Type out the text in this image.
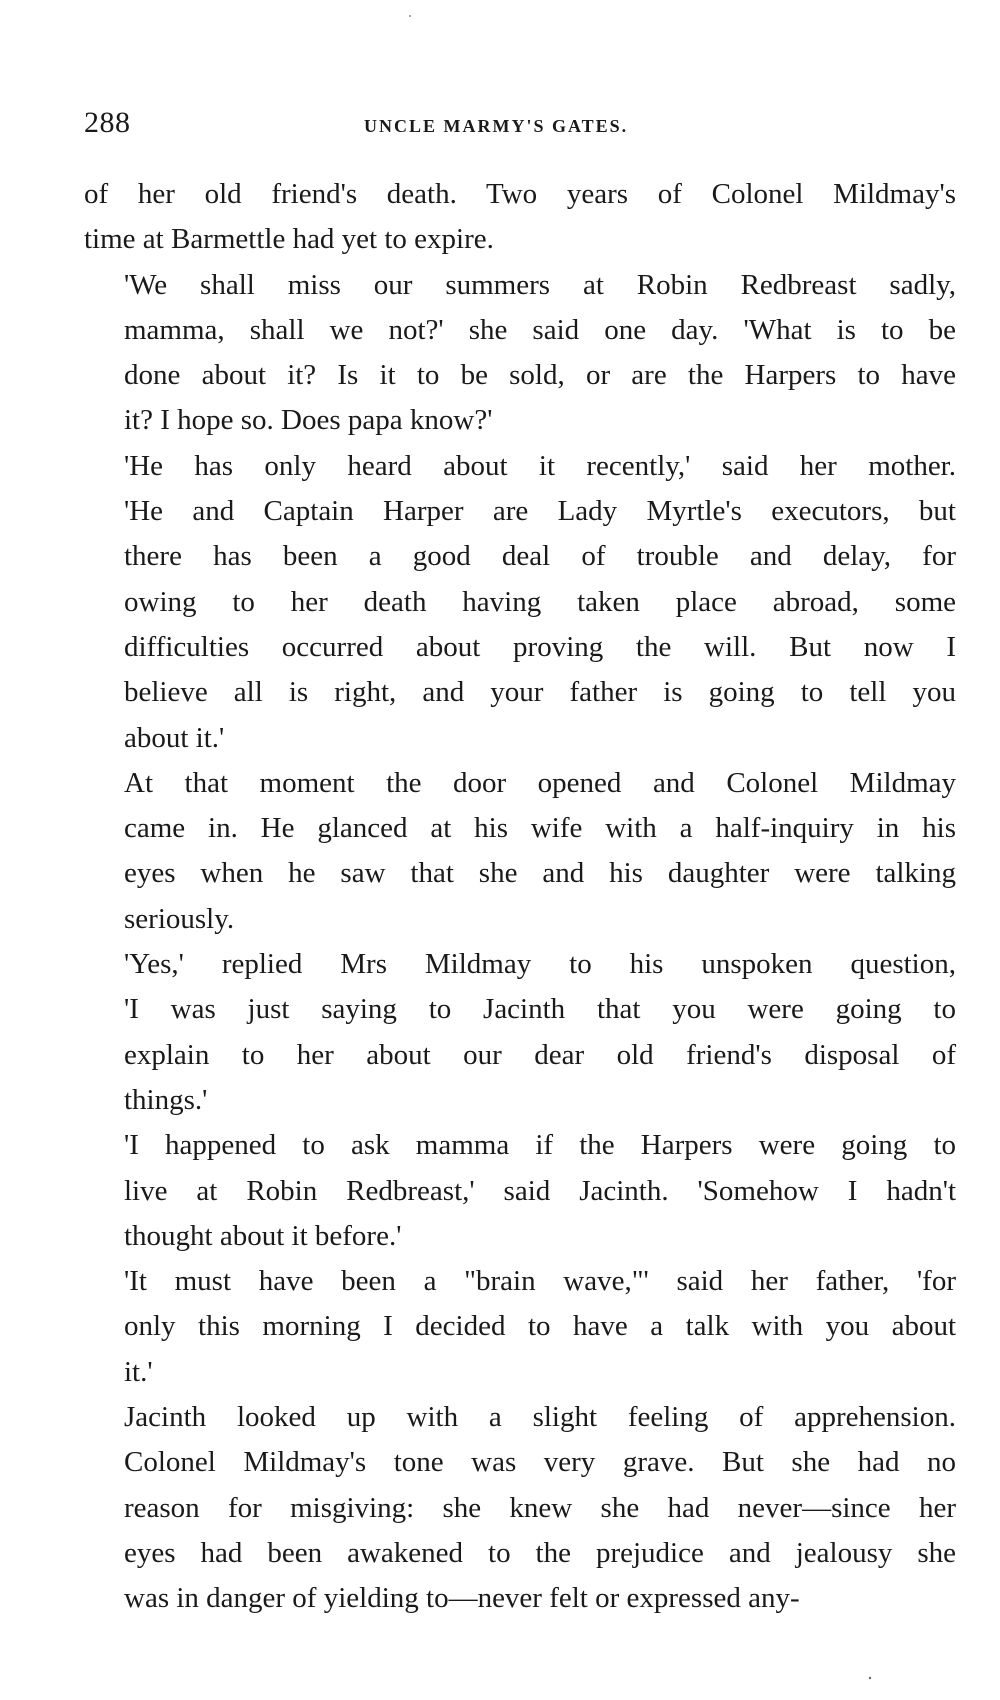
288	UNCLE MARMY'S GATES.

of her old friend's death. Two years of Colonel Mildmay's
time at Barmettle had yet to expire.

'We shall miss our summers at Robin Redbreast sadly,
mamma, shall we not?' she said one day. 'What is to be
done about it? Is it to be sold, or are the Harpers to have
it? I hope so. Does papa know?'

'He has only heard about it recently,' said her mother.
'He and Captain Harper are Lady Myrtle's executors, but
there has been a good deal of trouble and delay, for
owing to her death having taken place abroad, some
difficulties occurred about proving the will. But now I
believe all is right, and your father is going to tell you
about it.'

At that moment the door opened and Colonel Mildmay
came in. He glanced at his wife with a half-inquiry in his
eyes when he saw that she and his daughter were talking
seriously.

'Yes,' replied Mrs Mildmay to his unspoken question,
'I was just saying to Jacinth that you were going to
explain to her about our dear old friend's disposal of
things.'

'I happened to ask mamma if the Harpers were going to
live at Robin Redbreast,' said Jacinth. 'Somehow I hadn't
thought about it before.'

'It must have been a "brain wave,"' said her father, 'for
only this morning I decided to have a talk with you about
it.'

Jacinth looked up with a slight feeling of apprehension.
Colonel Mildmay's tone was very grave. But she had no
reason for misgiving: she knew she had never—since her
eyes had been awakened to the prejudice and jealousy she
was in danger of yielding to—never felt or expressed any-
